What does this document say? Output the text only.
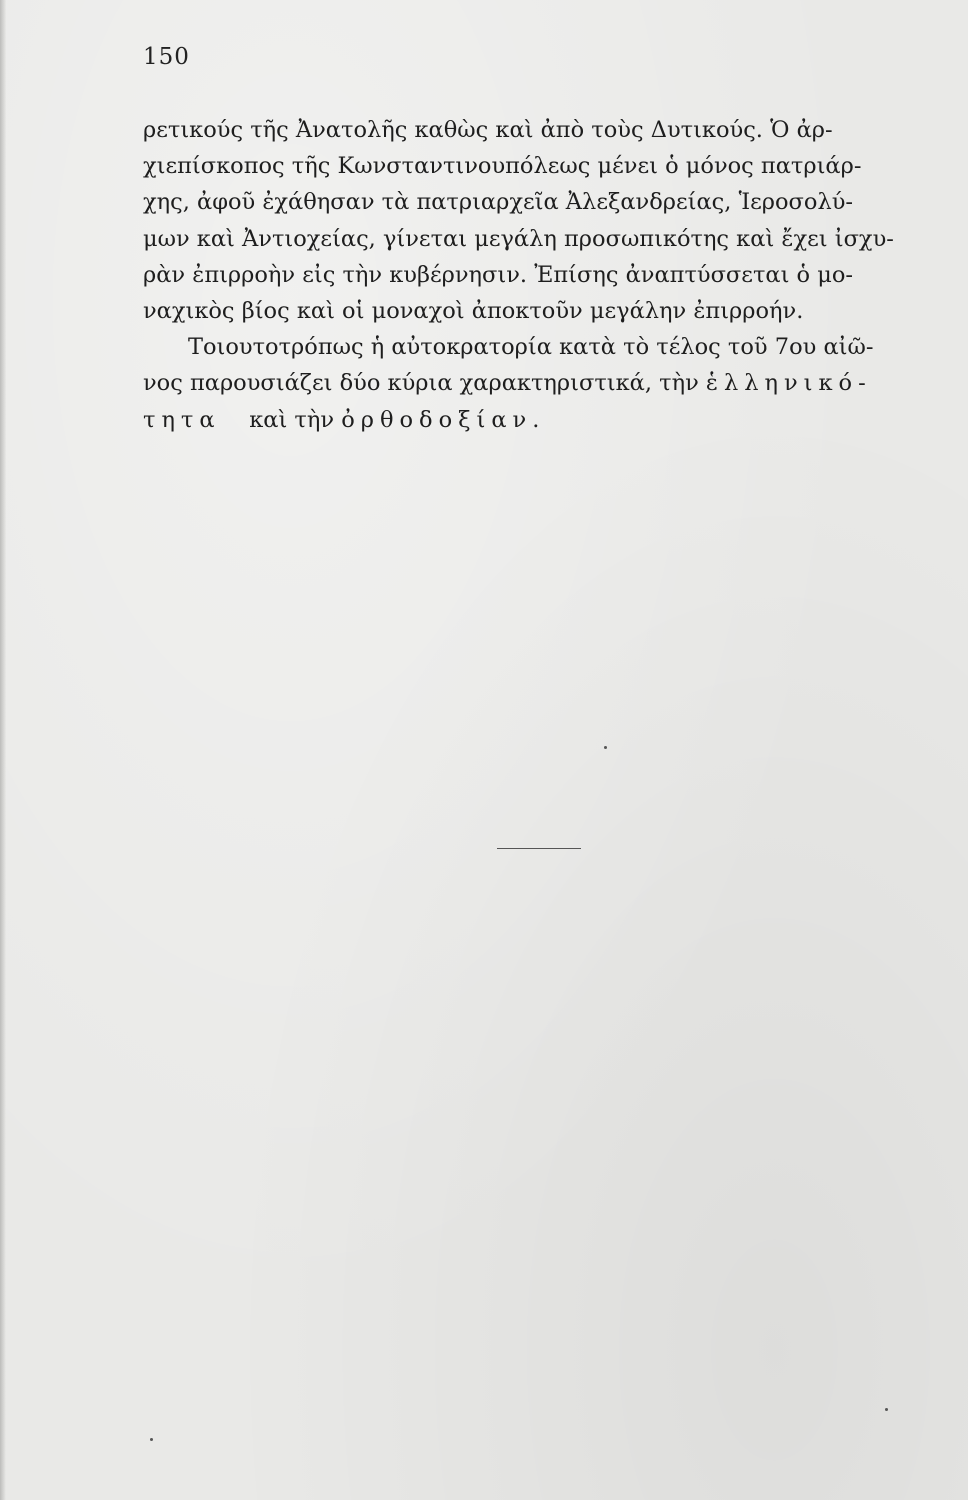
150
ρετικούς τῆς Ἀνατολῆς καθὼς καὶ ἀπὸ τοὺς Δυτικούς. Ὁ ἀρ-
χιεπίσκοπος τῆς Κωνσταντινουπόλεως μένει ὁ μόνος πατριάρ-
χης, ἀφοῦ ἐχάθησαν τὰ πατριαρχεῖα Ἀλεξανδρείας, Ἱεροσολύ-
μων καὶ Ἀντιοχείας, γίνεται μεγάλη προσωπικότης καὶ ἔχει ἰσχυ-
ρὰν ἐπιρροὴν εἰς τὴν κυβέρνησιν. Ἐπίσης ἀναπτύσσεται ὁ μο-
ναχικὸς βίος καὶ οἱ μοναχοὶ ἀποκτοῦν μεγάλην ἐπιρροήν.
Τοιουτοτρόπως ἡ αὐτοκρατορία κατὰ τὸ τέλος τοῦ 7ου αἰῶ-
νος παρουσιάζει δύο κύρια χαρακτηριστικά, τὴν ἑλληνικό-
τητα καὶ τὴν ὀρθοδοξίαν.
